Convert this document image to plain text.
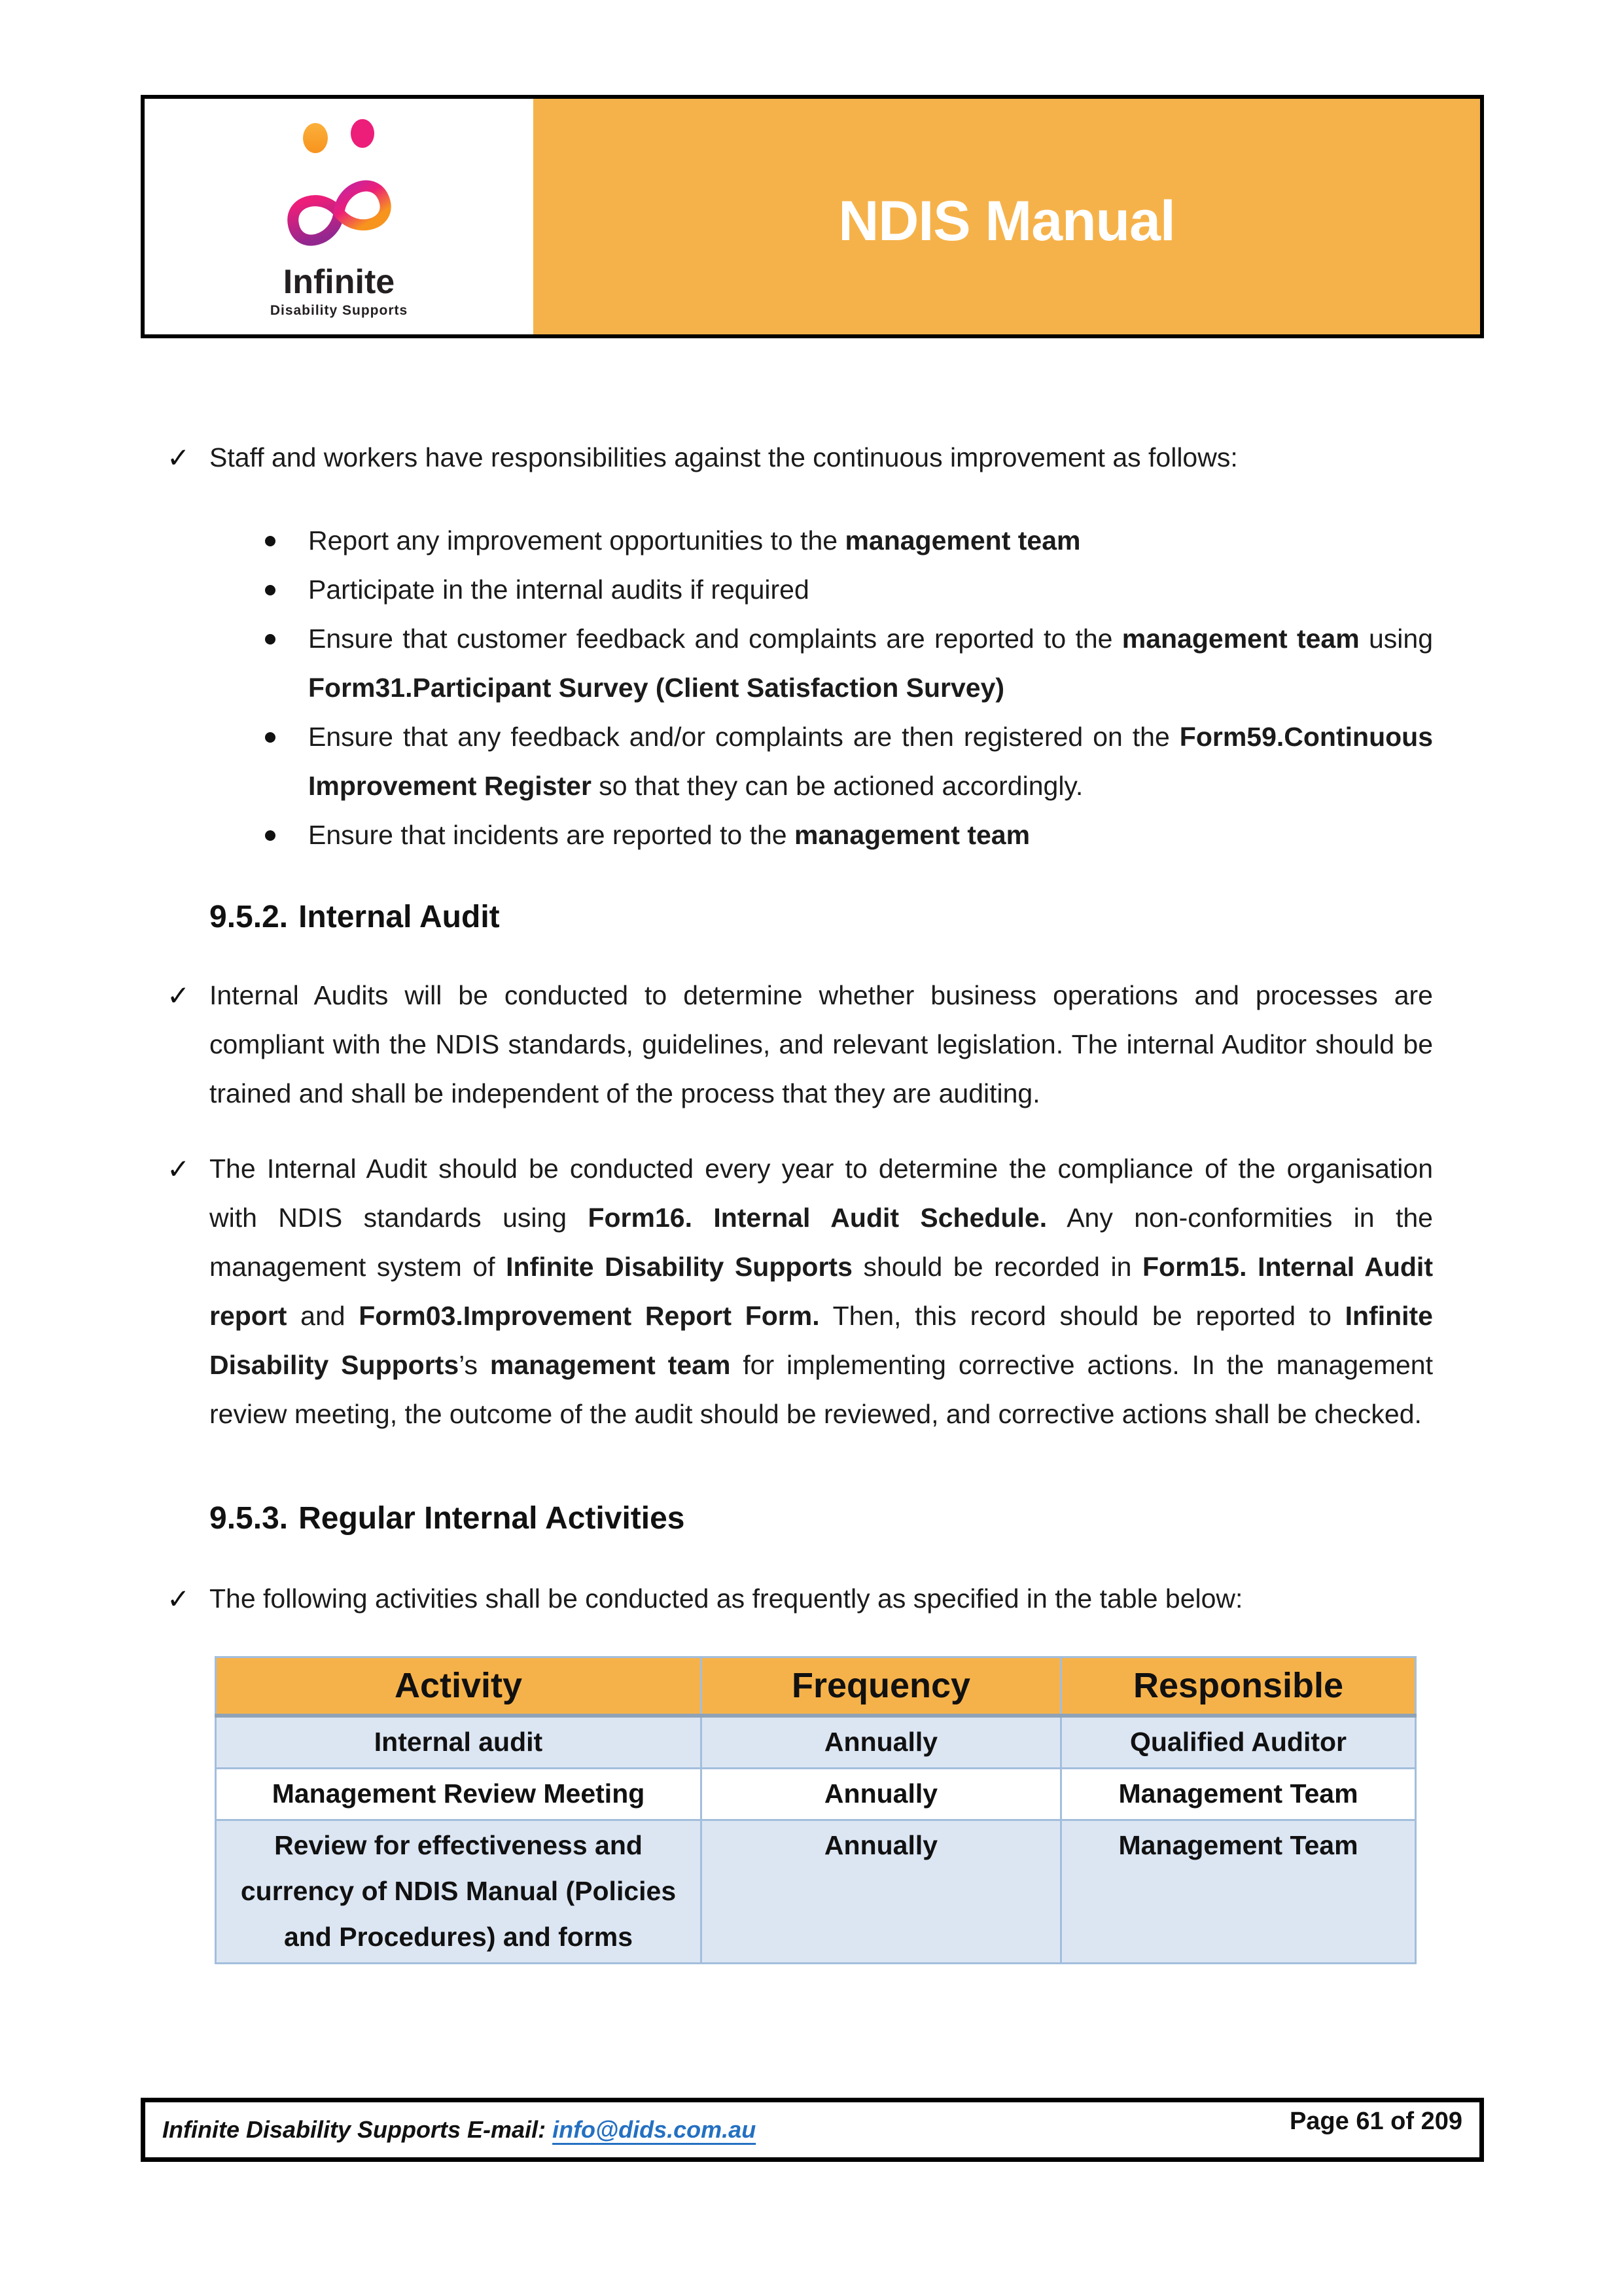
Infinite
Disability Supports
NDIS Manual
✓ Staff and workers have responsibilities against the continuous improvement as follows:
Report any improvement opportunities to the management team
Participate in the internal audits if required
Ensure that customer feedback and complaints are reported to the management team using Form31.Participant Survey (Client Satisfaction Survey)
Ensure that any feedback and/or complaints are then registered on the Form59.Continuous Improvement Register so that they can be actioned accordingly.
Ensure that incidents are reported to the management team
9.5.2. Internal Audit
✓ Internal Audits will be conducted to determine whether business operations and processes are compliant with the NDIS standards, guidelines, and relevant legislation. The internal Auditor should be trained and shall be independent of the process that they are auditing.
✓ The Internal Audit should be conducted every year to determine the compliance of the organisation with NDIS standards using Form16. Internal Audit Schedule. Any non-conformities in the management system of Infinite Disability Supports should be recorded in Form15. Internal Audit report and Form03.Improvement Report Form. Then, this record should be reported to Infinite Disability Supports’s management team for implementing corrective actions. In the management review meeting, the outcome of the audit should be reviewed, and corrective actions shall be checked.
9.5.3. Regular Internal Activities
✓ The following activities shall be conducted as frequently as specified in the table below:
Activity	Frequency	Responsible
Internal audit	Annually	Qualified Auditor
Management Review Meeting	Annually	Management Team
Review for effectiveness and currency of NDIS Manual (Policies and Procedures) and forms	Annually	Management Team
Infinite Disability Supports E-mail: info@dids.com.au	Page 61 of 209
